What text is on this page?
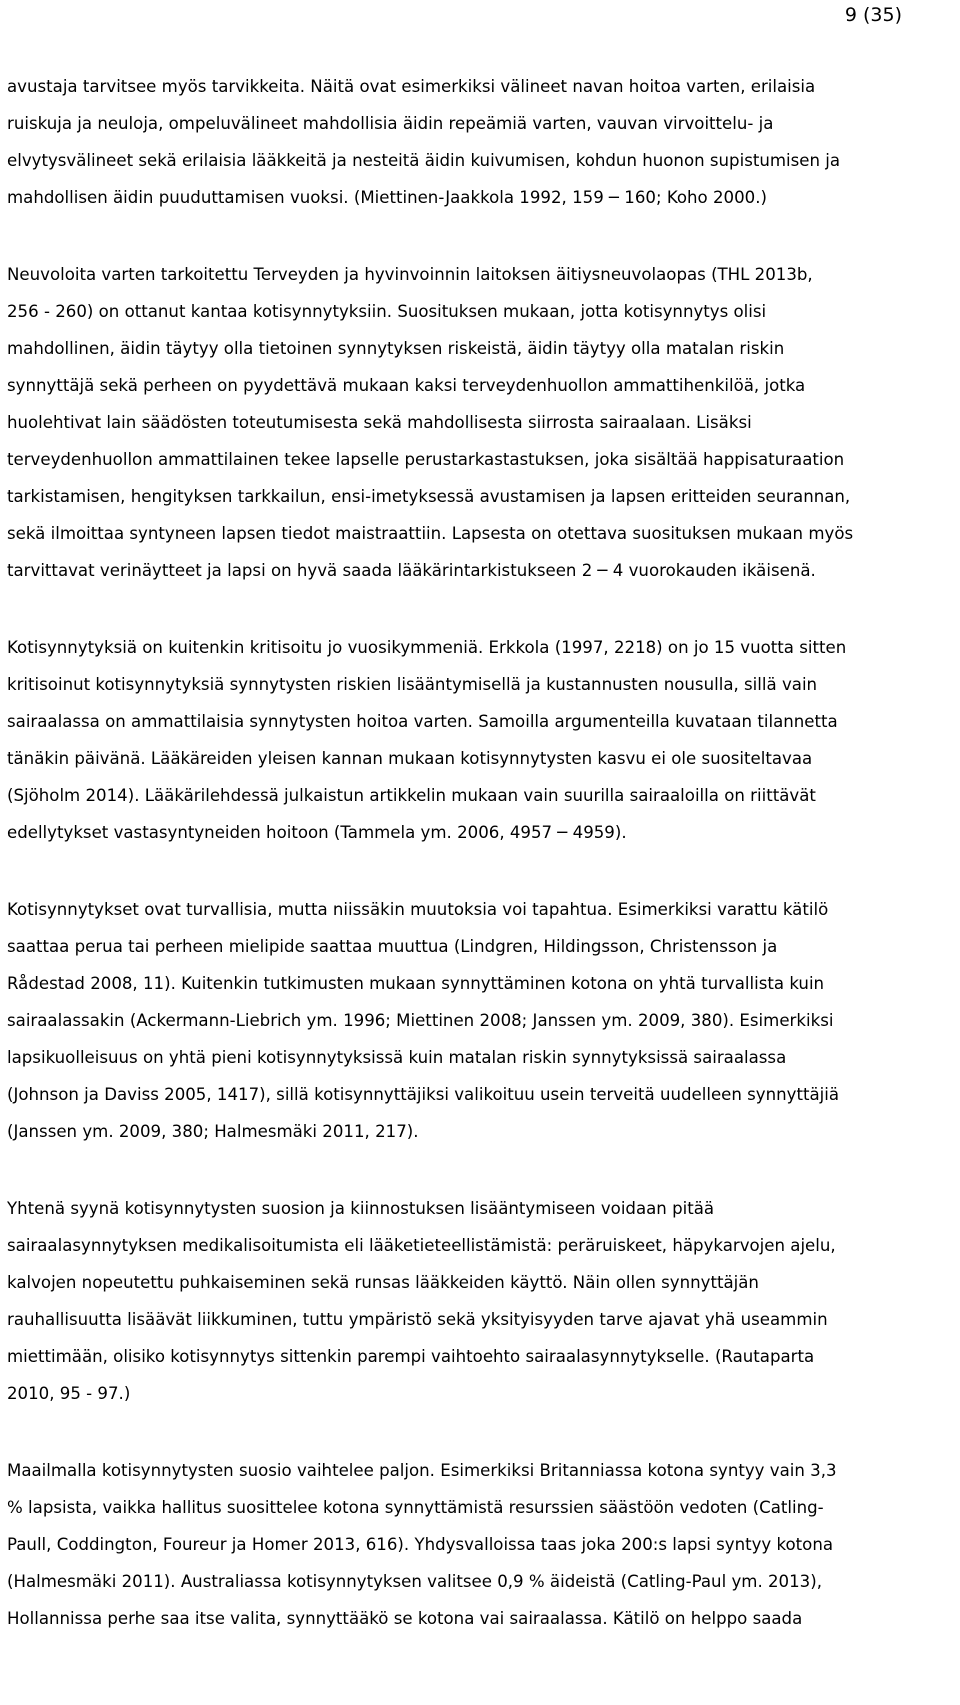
9 (35)

avustaja tarvitsee myös tarvikkeita. Näitä ovat esimerkiksi välineet navan hoitoa varten, erilaisia
ruiskuja ja neuloja, ompeluvälineet mahdollisia äidin repeämiä varten, vauvan virvoittelu- ja
elvytysvälineet sekä erilaisia lääkkeitä ja nesteitä äidin kuivumisen, kohdun huonon supistumisen ja
mahdollisen äidin puuduttamisen vuoksi. (Miettinen-Jaakkola 1992, 159 ─ 160; Koho 2000.)

Neuvoloita varten tarkoitettu Terveyden ja hyvinvoinnin laitoksen äitiysneuvolaopas (THL 2013b,
256 - 260) on ottanut kantaa kotisynnytyksiin. Suosituksen mukaan, jotta kotisynnytys olisi
mahdollinen, äidin täytyy olla tietoinen synnytyksen riskeistä, äidin täytyy olla matalan riskin
synnyttäjä sekä perheen on pyydettävä mukaan kaksi terveydenhuollon ammattihenkilöä, jotka
huolehtivat lain säädösten toteutumisesta sekä mahdollisesta siirrosta sairaalaan. Lisäksi
terveydenhuollon ammattilainen tekee lapselle perustarkastastuksen, joka sisältää happisaturaation
tarkistamisen, hengityksen tarkkailun, ensi-imetyksessä avustamisen ja lapsen eritteiden seurannan,
sekä ilmoittaa syntyneen lapsen tiedot maistraattiin. Lapsesta on otettava suosituksen mukaan myös
tarvittavat verinäytteet ja lapsi on hyvä saada lääkärintarkistukseen 2 ─ 4 vuorokauden ikäisenä.

Kotisynnytyksiä on kuitenkin kritisoitu jo vuosikymmeniä. Erkkola (1997, 2218) on jo 15 vuotta sitten
kritisoinut kotisynnytyksiä synnytysten riskien lisääntymisellä ja kustannusten nousulla, sillä vain
sairaalassa on ammattilaisia synnytysten hoitoa varten. Samoilla argumenteilla kuvataan tilannetta
tänäkin päivänä. Lääkäreiden yleisen kannan mukaan kotisynnytysten kasvu ei ole suositeltavaa
(Sjöholm 2014). Lääkärilehdessä julkaistun artikkelin mukaan vain suurilla sairaaloilla on riittävät
edellytykset vastasyntyneiden hoitoon (Tammela ym. 2006, 4957 ─ 4959).

Kotisynnytykset ovat turvallisia, mutta niissäkin muutoksia voi tapahtua. Esimerkiksi varattu kätilö
saattaa perua tai perheen mielipide saattaa muuttua (Lindgren, Hildingsson, Christensson ja
Rådestad 2008, 11). Kuitenkin tutkimusten mukaan synnyttäminen kotona on yhtä turvallista kuin
sairaalassakin (Ackermann-Liebrich ym. 1996; Miettinen 2008; Janssen ym. 2009, 380). Esimerkiksi
lapsikuolleisuus on yhtä pieni kotisynnytyksissä kuin matalan riskin synnytyksissä sairaalassa
(Johnson ja Daviss 2005, 1417), sillä kotisynnyttäjiksi valikoituu usein terveitä uudelleen synnyttäjiä
(Janssen ym. 2009, 380; Halmesmäki 2011, 217).

Yhtenä syynä kotisynnytysten suosion ja kiinnostuksen lisääntymiseen voidaan pitää
sairaalasynnytyksen medikalisoitumista eli lääketieteellistämistä: peräruiskeet, häpykarvojen ajelu,
kalvojen nopeutettu puhkaiseminen sekä runsas lääkkeiden käyttö. Näin ollen synnyttäjän
rauhallisuutta lisäävät liikkuminen, tuttu ympäristö sekä yksityisyyden tarve ajavat yhä useammin
miettimään, olisiko kotisynnytys sittenkin parempi vaihtoehto sairaalasynnytykselle. (Rautaparta
2010, 95 - 97.)

Maailmalla kotisynnytysten suosio vaihtelee paljon. Esimerkiksi Britanniassa kotona syntyy vain 3,3
% lapsista, vaikka hallitus suosittelee kotona synnyttämistä resurssien säästöön vedoten (Catling-
Paull, Coddington, Foureur ja Homer 2013, 616). Yhdysvalloissa taas joka 200:s lapsi syntyy kotona
(Halmesmäki 2011). Australiassa kotisynnytyksen valitsee 0,9 % äideistä (Catling-Paul ym. 2013),
Hollannissa perhe saa itse valita, synnyttääkö se kotona vai sairaalassa. Kätilö on helppo saada
